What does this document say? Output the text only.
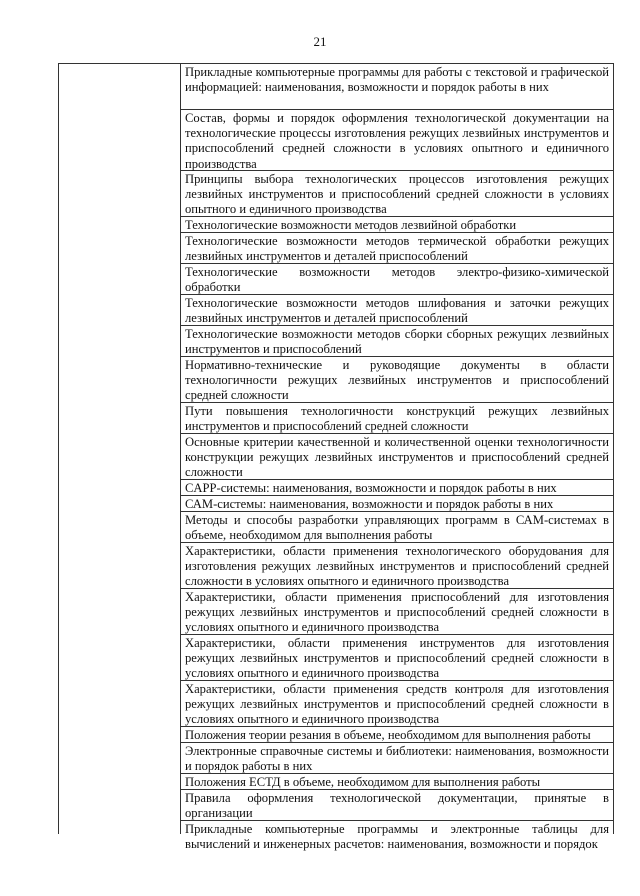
21
Прикладные компьютерные программы для работы с текстовой и графической информацией: наименования, возможности и порядок работы в них
Состав, формы и порядок оформления технологической документации на технологические процессы изготовления режущих лезвийных инструментов и приспособлений средней сложности в условиях опытного и единичного производства
Принципы выбора технологических процессов изготовления режущих лезвийных инструментов и приспособлений средней сложности в условиях опытного и единичного производства
Технологические возможности методов лезвийной обработки
Технологические возможности методов термической обработки режущих лезвийных инструментов и деталей приспособлений
Технологические возможности методов электро-физико-химической обработки
Технологические возможности методов шлифования и заточки режущих лезвийных инструментов и деталей приспособлений
Технологические возможности методов сборки сборных режущих лезвийных инструментов и приспособлений
Нормативно-технические и руководящие документы в области технологичности режущих лезвийных инструментов и приспособлений средней сложности
Пути повышения технологичности конструкций режущих лезвийных инструментов и приспособлений средней сложности
Основные критерии качественной и количественной оценки технологичности конструкции режущих лезвийных инструментов и приспособлений средней сложности
CAPP-системы: наименования, возможности и порядок работы в них
САМ-системы: наименования, возможности и порядок работы в них
Методы и способы разработки управляющих программ в САМ-системах в объеме, необходимом для выполнения работы
Характеристики, области применения технологического оборудования для изготовления режущих лезвийных инструментов и приспособлений средней сложности в условиях опытного и единичного производства
Характеристики, области применения приспособлений для изготовления режущих лезвийных инструментов и приспособлений средней сложности в условиях опытного и единичного производства
Характеристики, области применения инструментов для изготовления режущих лезвийных инструментов и приспособлений средней сложности в условиях опытного и единичного производства
Характеристики, области применения средств контроля для изготовления режущих лезвийных инструментов и приспособлений средней сложности в условиях опытного и единичного производства
Положения теории резания в объеме, необходимом для выполнения работы
Электронные справочные системы и библиотеки: наименования, возможности и порядок работы в них
Положения ЕСТД в объеме, необходимом для выполнения работы
Правила оформления технологической документации, принятые в организации
Прикладные компьютерные программы и электронные таблицы для вычислений и инженерных расчетов: наименования, возможности и порядок
